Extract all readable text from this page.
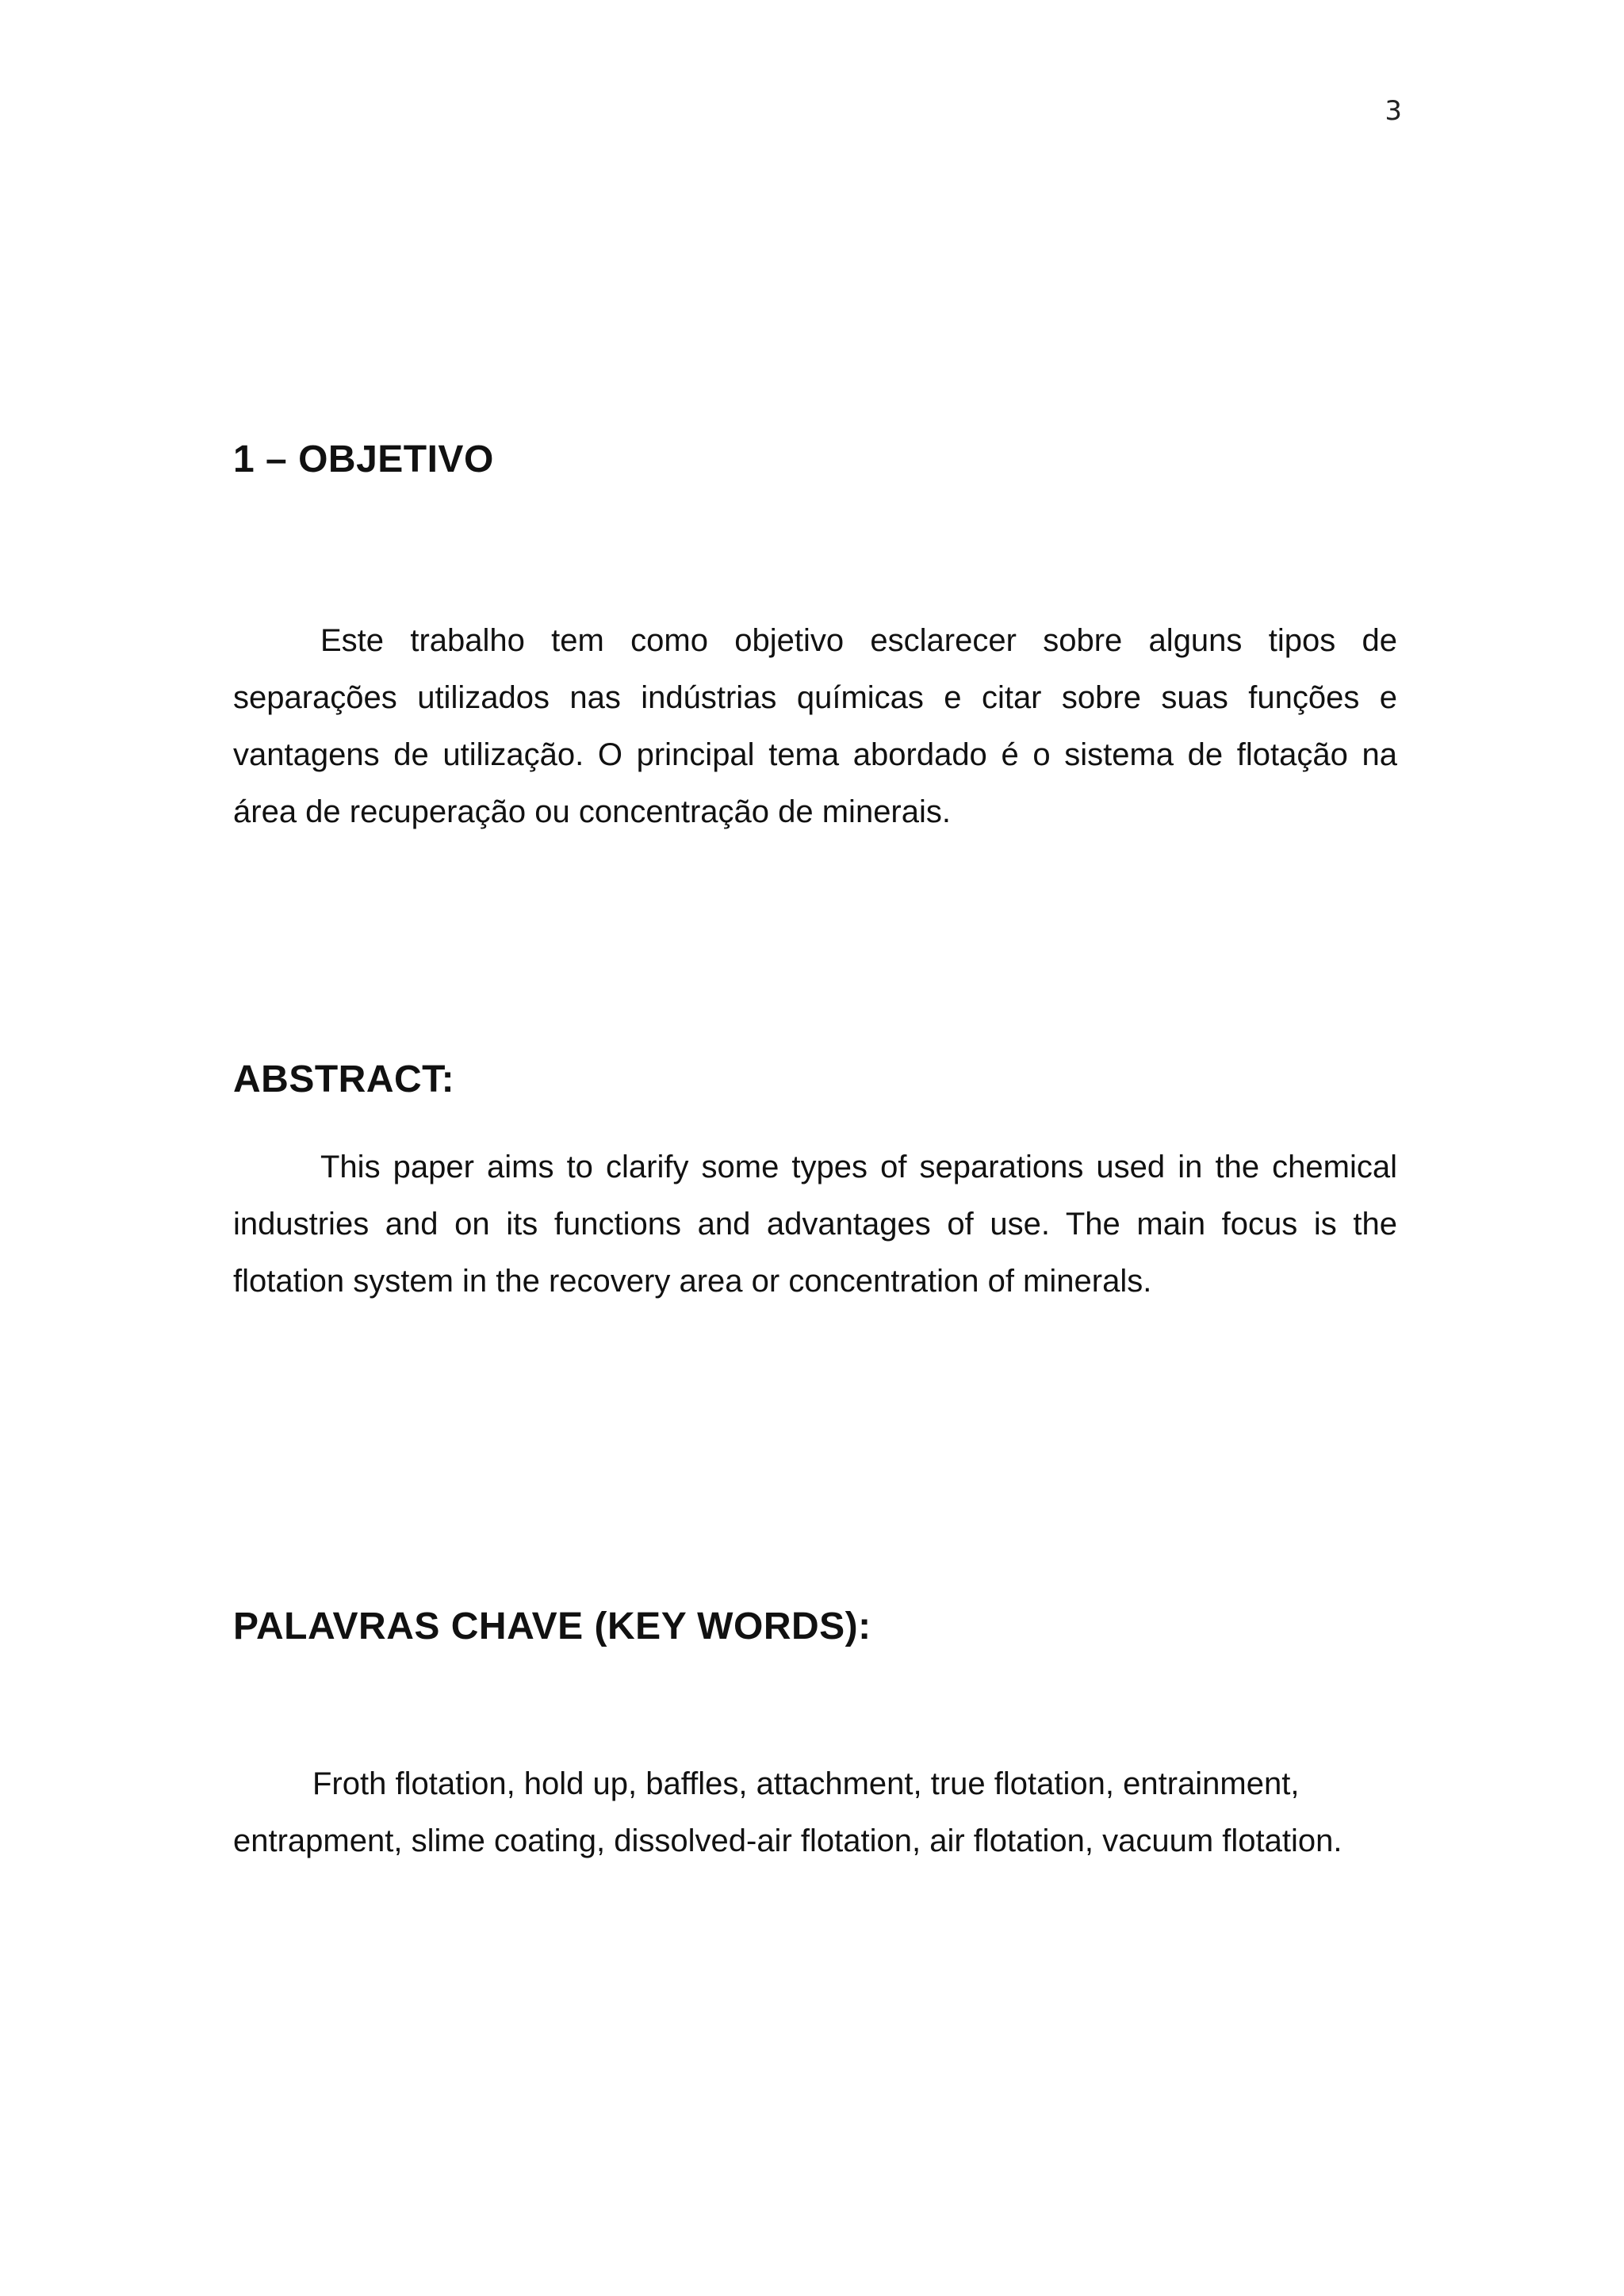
3
1 – OBJETIVO

Este trabalho tem como objetivo esclarecer sobre alguns tipos de separações utilizados nas indústrias químicas e citar sobre suas funções e vantagens de utilização. O principal tema abordado é o sistema de flotação na área de recuperação ou concentração de minerais.

ABSTRACT:

This paper aims to clarify some types of separations used in the chemical industries and on its functions and advantages of use. The main focus is the flotation system in the recovery area or concentration of minerals.

PALAVRAS CHAVE (KEY WORDS):

Froth flotation, hold up, baffles, attachment, true flotation, entrainment, entrapment, slime coating, dissolved-air flotation, air flotation, vacuum flotation.
